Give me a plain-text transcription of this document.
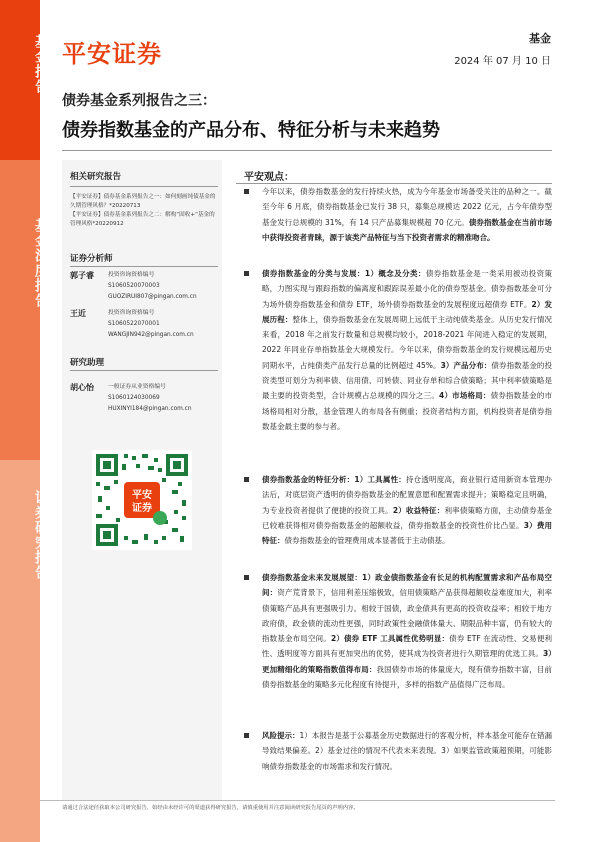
基金报告
基金深度报告
证券研究报告
平安证券
基金
2024 年 07 月 10 日
债券基金系列报告之三：
债券指数基金的产品分布、特征分析与未来趋势
相关研究报告
【平安证券】债券基金系列报告之一：如何刻画纯债基金的久期管理风格？*20220713
【平安证券】债券基金系列报告之二：解构“固收+”基金的管理风格*20220912
证券分析师
郭子睿 投资咨询资格编号
S1060520070003
GUOZIRUI807@pingan.com.cn
王近	投资咨询资格编号
S1060522070001
WANGJIN942@pingan.com.cn
研究助理
胡心怡 一般证券从业资格编号
S1060124030069
HUXINYI184@pingan.com.cn
平安
证券
平安观点：
今年以来，债券指数基金的发行持续火热，成为今年基金市场备受关注的品种之一。截至今年 6 月底，债券指数基金已发行 38 只，募集总规模达 2022 亿元，占今年债券型基金发行总规模的 31%，有 14 只产品募集规模超 70 亿元。债券指数基金在当前市场中获得投资者青睐，源于该类产品特征与当下投资者需求的精准吻合。
债券指数基金的分类与发展：1）概念及分类：债券指数基金是一类采用被动投资策略，力图实现与跟踪指数的偏离度和跟踪误差最小化的债券型基金。债券指数基金可分为场外债券指数基金和债券 ETF，场外债券指数基金的发展程度远超债券 ETF。2）发展历程：整体上，债券指数基金在发展周期上远低于主动纯债类基金。从历史发行情况来看，2018 年之前发行数量和总规模均较小，2018-2021 年间进入稳定的发展期，2022 年同业存单指数基金大规模发行。今年以来，债券指数基金的发行规模远超历史同期水平，占纯债类产品发行总量的比例超过 45%。3）产品分布：债券指数基金的投资类型可划分为利率债、信用债、可转债、同业存单和综合债策略；其中利率债策略是最主要的投资类型，合计规模占总规模的四分之三。4）市场格局：债券指数基金的市场格局相对分散，基金管理人的布局各有侧重；投资者结构方面，机构投资者是债券指数基金最主要的参与者。
债券指数基金的特征分析：1）工具属性：持仓透明度高，商业银行适用新资本管理办法后，对底层资产透明的债券指数基金的配置意愿和配置需求提升；策略稳定且明确，为专业投资者提供了便捷的投资工具。2）收益特征：利率债策略方面，主动债券基金已较难获得相对债券指数基金的超额收益，债券指数基金的投资性价比凸显。3）费用特征：债券指数基金的管理费用成本显著低于主动债基。
债券指数基金未来发展展望：1）政金债指数基金有长足的机构配置需求和产品布局空间：资产荒背景下，信用利差压缩极致，信用债策略产品获得超额收益难度加大，利率债策略产品具有更强吸引力。相较于国债，政金债具有更高的投资收益率；相较于地方政府债，政金债的流动性更强，同时政策性金融债体量大、期限品种丰富，仍有较大的指数基金布局空间。2）债券 ETF 工具属性优势明显：债券 ETF 在流动性、交易便利性、透明度等方面具有更加突出的优势，使其成为投资者进行久期管理的优选工具。3）更加精细化的策略指数值得布局：我国债券市场的体量庞大，现有债券指数丰富，目前债券指数基金的策略多元化程度有待提升，多样的指数产品值得广泛布局。
风险提示：1）本报告是基于公募基金历史数据进行的客观分析，样本基金可能存在错漏导致结果偏差。2）基金过往的情况不代表未来表现。3）如果监管政策超预期，可能影响债券指数基金的市场需求和发行情况。
请通过合法途径获取本公司研究报告，如经由未经许可的渠道获得研究报告，请慎重使用并注意阅读研究报告尾页的声明内容。
